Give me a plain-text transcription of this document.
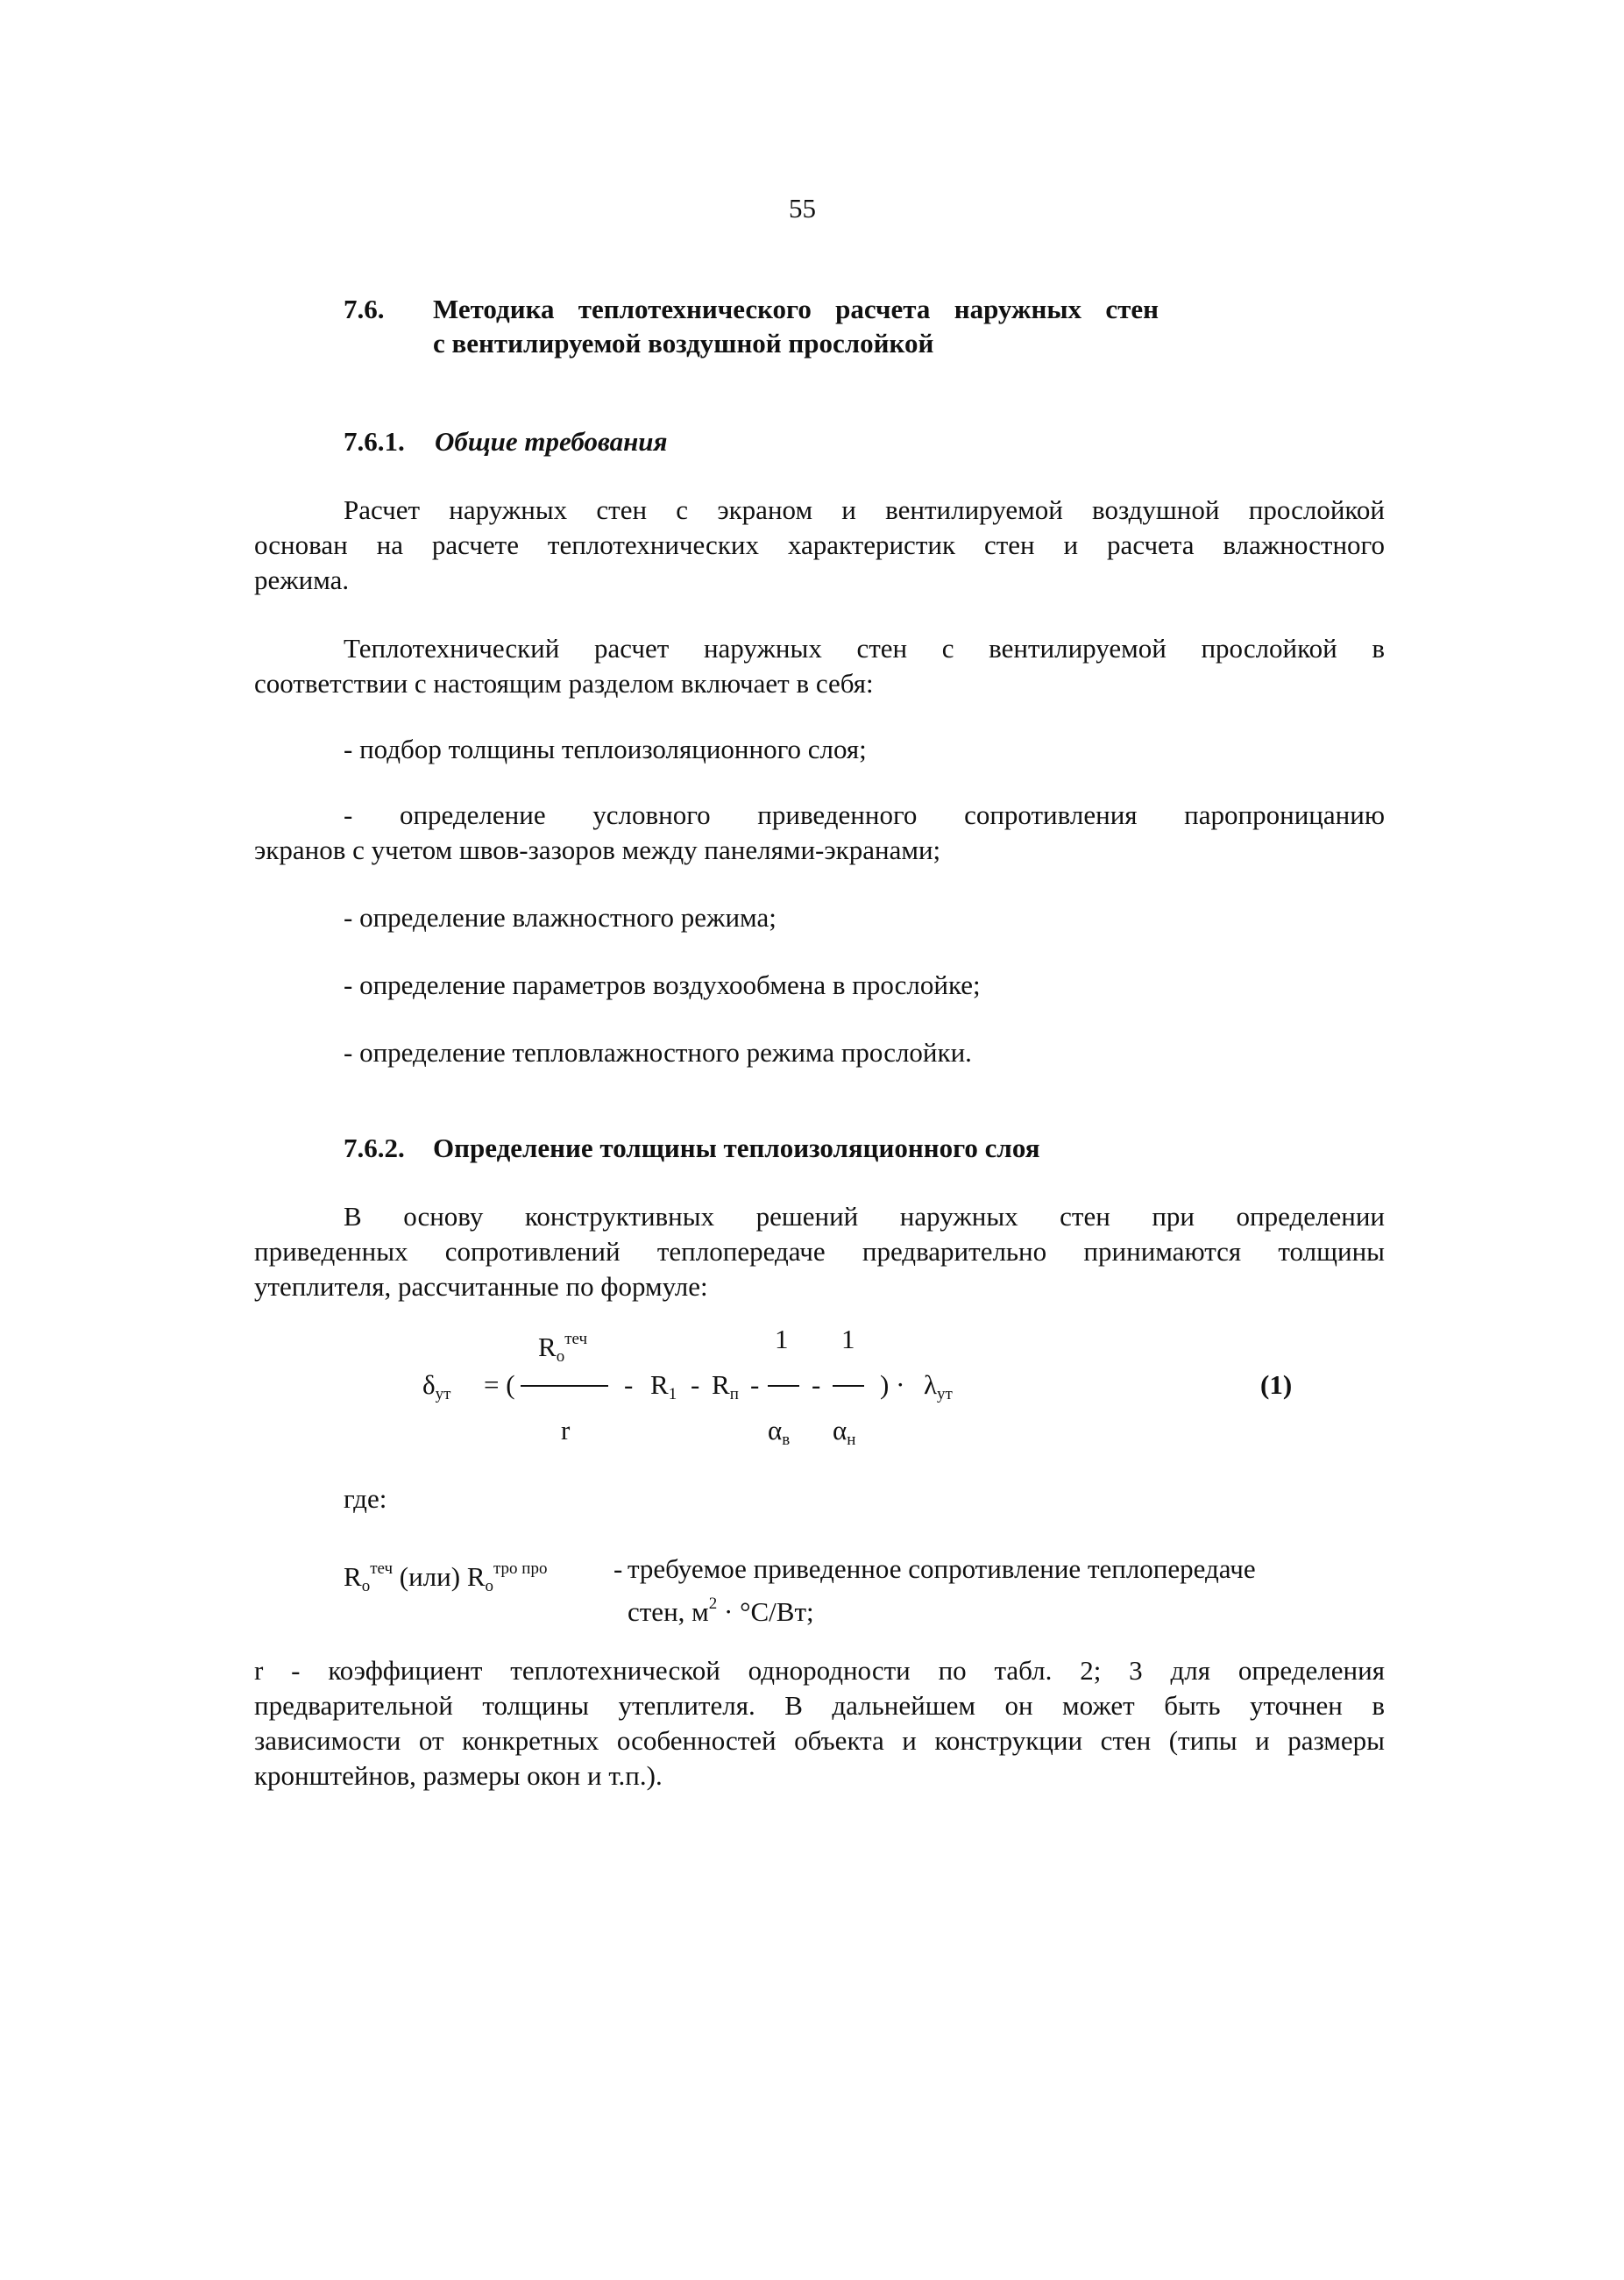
55
7.6. Методика теплотехнического расчета наружных стен
с вентилируемой воздушной прослойкой
7.6.1. Общие требования
Расчет наружных стен с экраном и вентилируемой воздушной прослойкой
основан на расчете теплотехнических характеристик стен и расчета влажностного
режима.
Теплотехнический расчет наружных стен с вентилируемой прослойкой в
соответствии с настоящим разделом включает в себя:
- подбор толщины теплоизоляционного слоя;
- определение условного приведенного сопротивления паропроницанию
экранов с учетом швов-зазоров между панелями-экранами;
- определение влажностного режима;
- определение параметров воздухообмена в прослойке;
- определение тепловлажностного режима прослойки.
7.6.2. Определение толщины теплоизоляционного слоя
В основу конструктивных решений наружных стен при определении
приведенных сопротивлений теплопередаче предварительно принимаются толщины
утеплителя, рассчитанные по формуле:
$R_o^{теч}$	1 1
$\delta_{ут}$ = (	- $R_1 - R_п$ - - ) · $\lambda_{ут}$	(1)
r	$\alpha_в$ $\alpha_н$
где:
$R_o^{теч}$ (или) $R_o^{тро про}$ - требуемое приведенное сопротивление теплопередаче
стен, $м^2 \cdot ^\circ С/Вт$;
r - коэффициент теплотехнической однородности по табл. 2; 3 для определения
предварительной толщины утеплителя. В дальнейшем он может быть уточнен в
зависимости от конкретных особенностей объекта и конструкции стен (типы и размеры
кронштейнов, размеры окон и т.п.).
